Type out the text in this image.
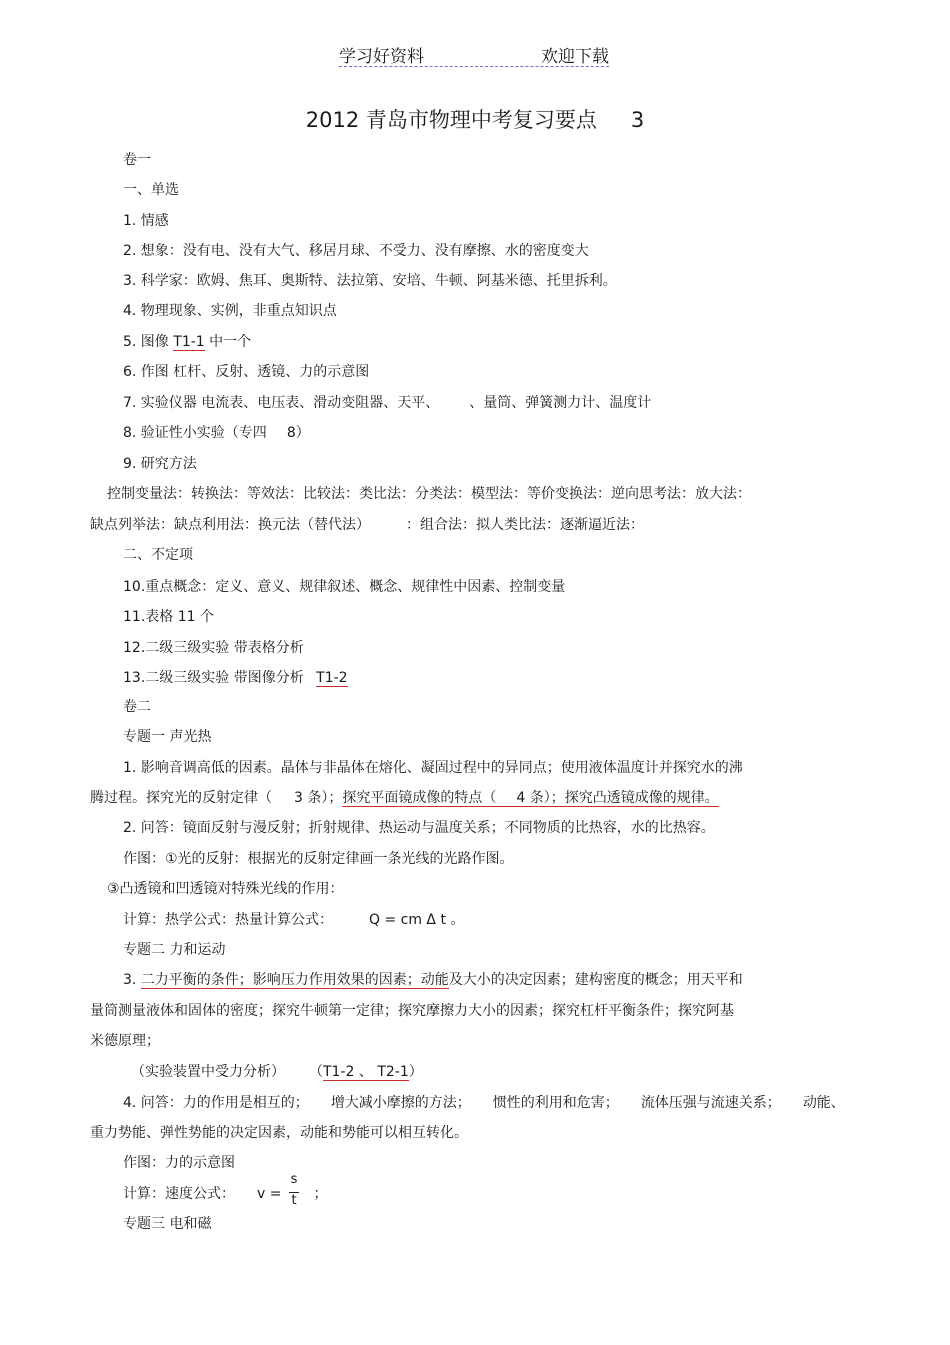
学习好资料	欢迎下载
2012 青岛市物理中考复习要点 3
卷一
一、单选
1. 情感
2. 想象：没有电、没有大气、移居月球、不受力、没有摩擦、水的密度变大
3. 科学家：欧姆、焦耳、奥斯特、法拉第、安培、牛顿、阿基米德、托里拆利。
4. 物理现象、实例，非重点知识点
5. 图像 T1-1 中一个
6. 作图 杠杆、反射、透镜、力的示意图
7. 实验仪器 电流表、电压表、滑动变阻器、天平、 、量筒、弹簧测力计、温度计
8. 验证性小实验（专四 8）
9. 研究方法
控制变量法：转换法：等效法：比较法：类比法：分类法：模型法：等价变换法：逆向思考法：放大法：
缺点列举法：缺点利用法：换元法（替代法）	：组合法：拟人类比法：逐渐逼近法：
二、不定项
10.重点概念：定义、意义、规律叙述、概念、规律性中因素、控制变量
11.表格 11 个
12.二级三级实验 带表格分析
13.二级三级实验 带图像分析 T1-2
卷二
专题一 声光热
1. 影响音调高低的因素。晶体与非晶体在熔化、凝固过程中的异同点；使用液体温度计并探究水的沸
腾过程。探究光的反射定律（ 3 条）；探究平面镜成像的特点（ 4 条）；探究凸透镜成像的规律。
2. 问答：镜面反射与漫反射；折射规律、热运动与温度关系；不同物质的比热容，水的比热容。
作图：①光的反射：根据光的反射定律画一条光线的光路作图。
③凸透镜和凹透镜对特殊光线的作用：
计算：热学公式：热量计算公式：	Q = cm Δ t 。
专题二 力和运动
3. 二力平衡的条件；影响压力作用效果的因素；动能及大小的决定因素；建构密度的概念；用天平和
量筒测量液体和固体的密度；探究牛顿第一定律；探究摩擦力大小的因素；探究杠杆平衡条件；探究阿基
米德原理；
（实验装置中受力分析） （T1-2 、 T2-1）
4. 问答：力的作用是相互的； 增大减小摩擦的方法； 惯性的利用和危害； 流体压强与流速关系； 动能、
重力势能、弹性势能的决定因素，动能和势能可以相互转化。
作图：力的示意图
计算：速度公式： v = ；
s
t
专题三 电和磁
